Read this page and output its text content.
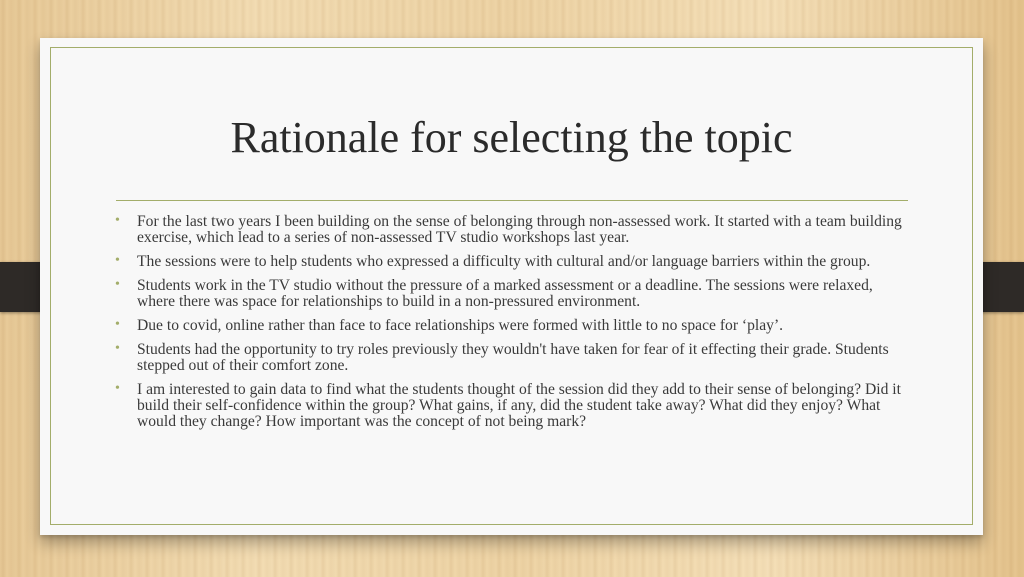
Rationale for selecting the topic
• For the last two years I been building on the sense of belonging through non-assessed work. It started with a team building exercise, which lead to a series of non-assessed TV studio workshops last year.
• The sessions were to help students who expressed a difficulty with cultural and/or language barriers within the group.
• Students work in the TV studio without the pressure of a marked assessment or a deadline. The sessions were relaxed, where there was space for relationships to build in a non-pressured environment.
• Due to covid, online rather than face to face relationships were formed with little to no space for ‘play’.
• Students had the opportunity to try roles previously they wouldn't have taken for fear of it effecting their grade. Students stepped out of their comfort zone.
• I am interested to gain data to find what the students thought of the session did they add to their sense of belonging? Did it build their self-confidence within the group? What gains, if any, did the student take away? What did they enjoy? What would they change? How important was the concept of not being mark?
